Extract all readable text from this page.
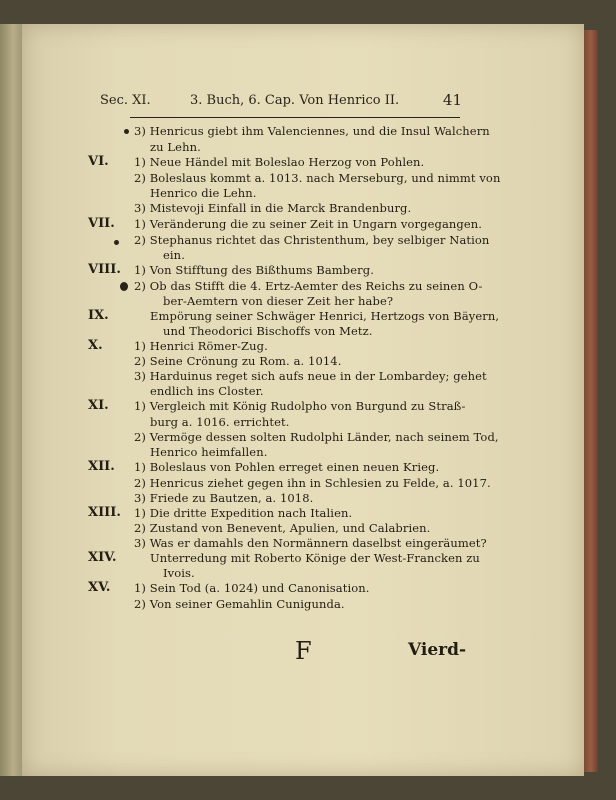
Sec. XI.	3. Buch, 6. Cap. Von Henrico II.	41
3) Henricus giebt ihm Valenciennes, und die Insul Walchern
zu Lehn.
VI. 1) Neue Händel mit Boleslao Herzog von Pohlen.
2) Boleslaus kommt a. 1013. nach Merseburg, und nimmt von
Henrico die Lehn.
3) Mistevoji Einfall in die Marck Brandenburg.
VII. 1) Veränderung die zu seiner Zeit in Ungarn vorgegangen.
2) Stephanus richtet das Christenthum, bey selbiger Nation
ein.
VIII. 1) Von Stifftung des Bißthums Bamberg.
2) Ob das Stifft die 4. Ertz-Aemter des Reichs zu seinen O-
ber-Aemtern von dieser Zeit her habe?
IX.	Empörung seiner Schwäger Henrici, Hertzogs von Bäyern,
und Theodorici Bischoffs von Metz.
X.	1) Henrici Römer-Zug.
2) Seine Crönung zu Rom. a. 1014.
3) Harduinus reget sich aufs neue in der Lombardey; gehet
endlich ins Closter.
XI. 1) Vergleich mit König Rudolpho von Burgund zu Straß-
burg a. 1016. errichtet.
2) Vermöge dessen solten Rudolphi Länder, nach seinem Tod,
Henrico heimfallen.
XII. 1) Boleslaus von Pohlen erreget einen neuen Krieg.
2) Henricus ziehet gegen ihn in Schlesien zu Felde, a. 1017.
3) Friede zu Bautzen, a. 1018.
XIII. 1) Die dritte Expedition nach Italien.
2) Zustand von Benevent, Apulien, und Calabrien.
3) Was er damahls den Normännern daselbst eingeräumet?
XIV.	Unterredung mit Roberto Könige der West-Francken zu
Ivois.
XV. 1) Sein Tod (a. 1024) und Canonisation.
2) Von seiner Gemahlin Cunigunda.
F	Vierd-
